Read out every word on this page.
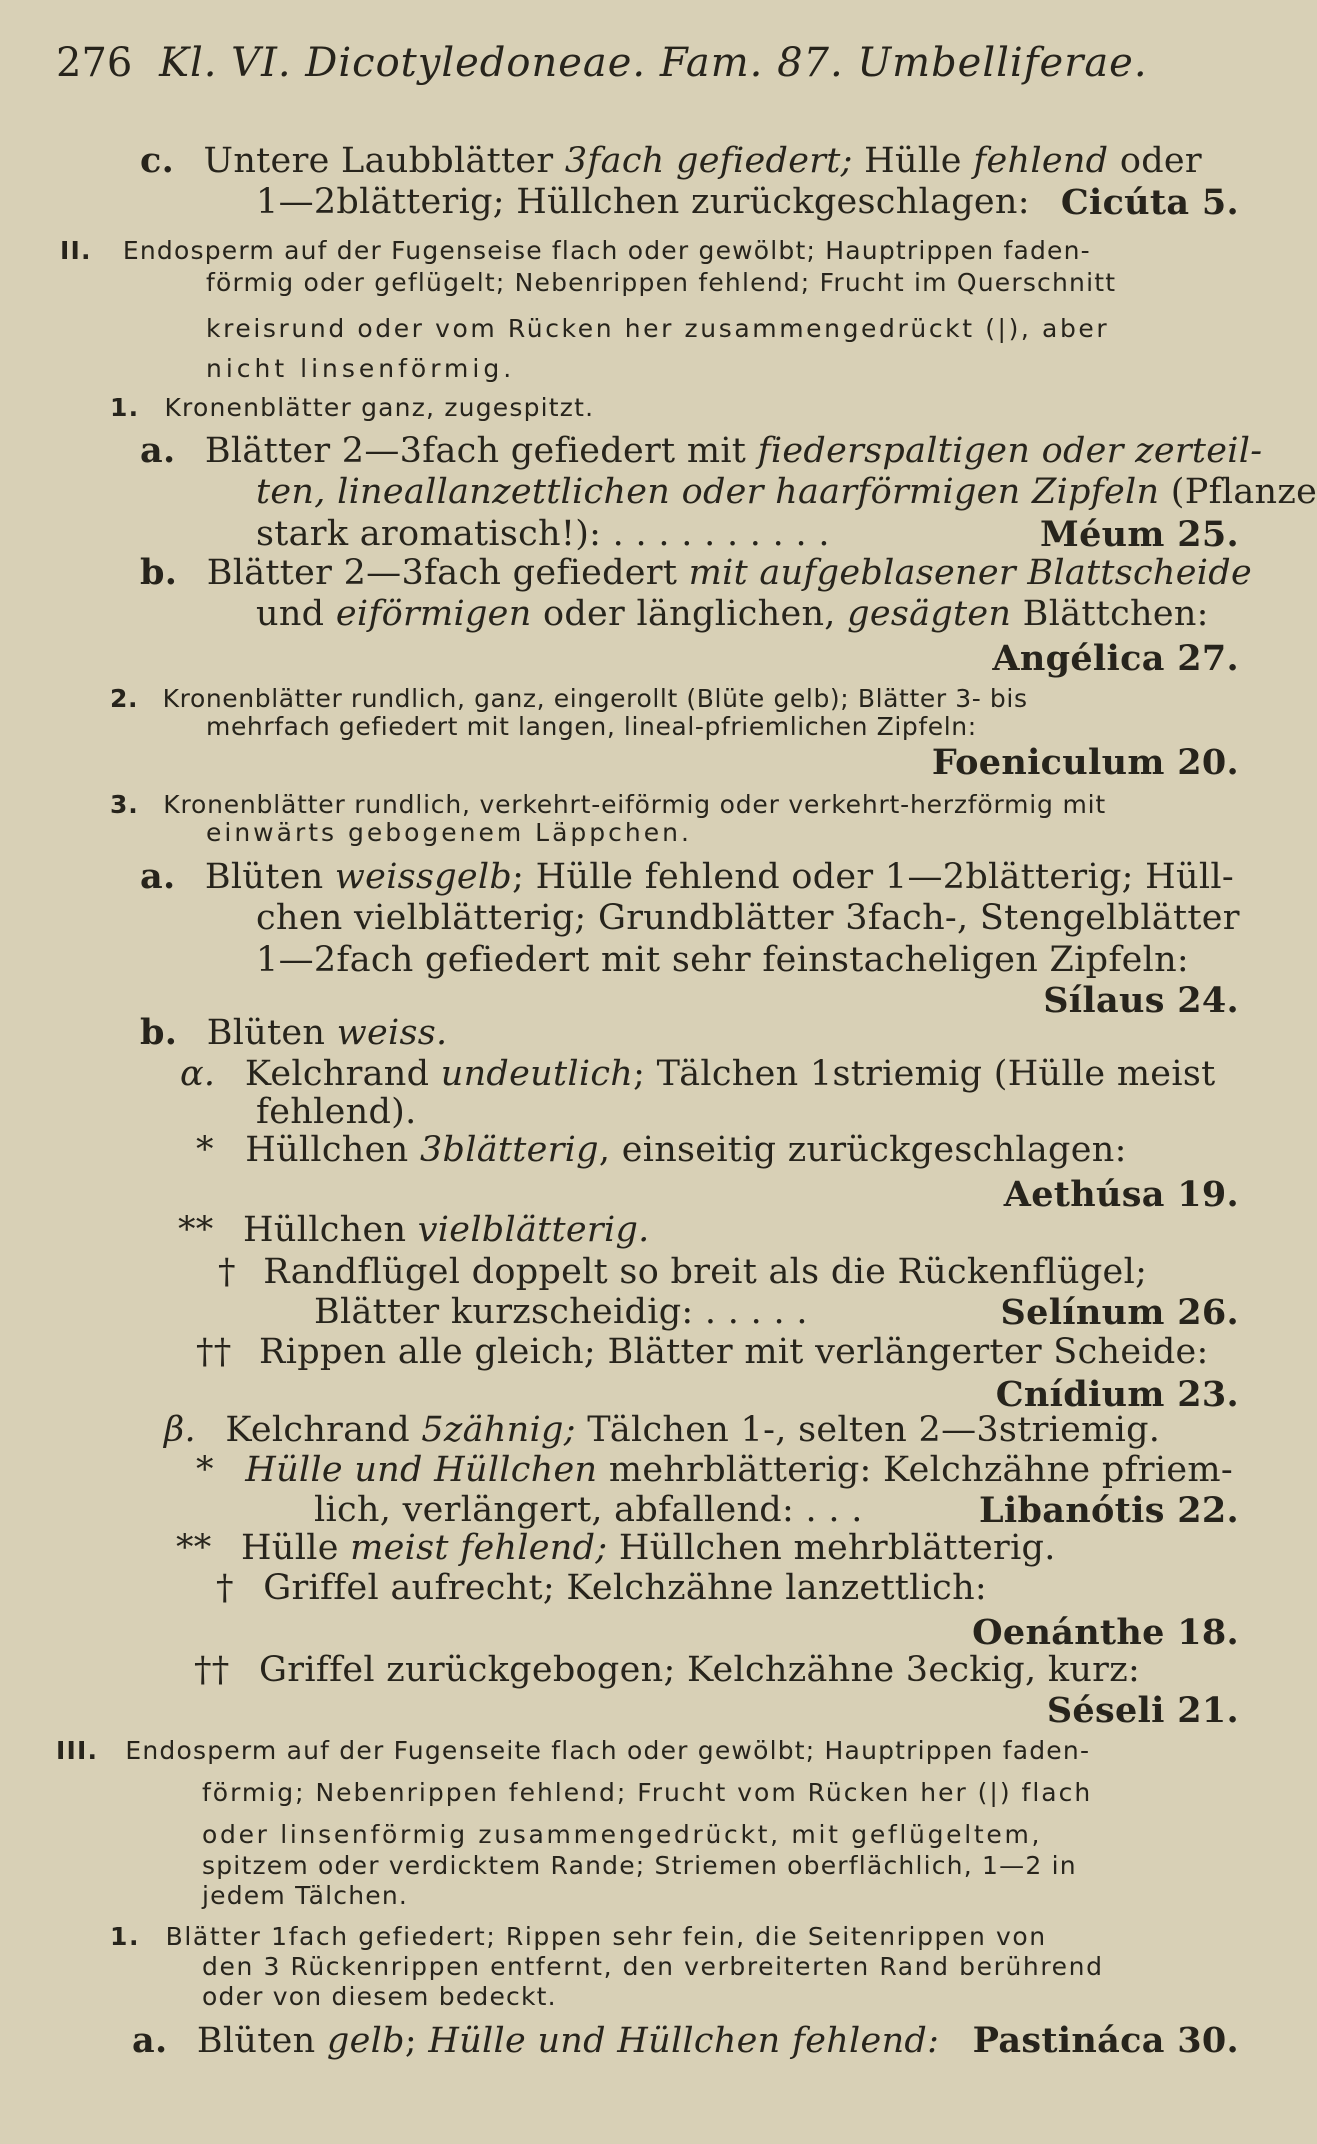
276 Kl. VI. Dicotyledoneae. Fam. 87. Umbelliferae.
c. Untere Laubblätter 3fach gefiedert; Hülle fehlend oder
1—2blätterig; Hüllchen zurückgeschlagen: Cicúta 5.
II. Endosperm auf der Fugenseise flach oder gewölbt; Hauptrippen faden-
förmig oder geflügelt; Nebenrippen fehlend; Frucht im Querschnitt
kreisrund oder vom Rücken her zusammengedrückt (|), aber
nicht linsenförmig.
1. Kronenblätter ganz, zugespitzt.
a. Blätter 2—3fach gefiedert mit fiederspaltigen oder zerteil-
ten, lineallanzettlichen oder haarförmigen Zipfeln (Pflanze
stark aromatisch!): . . . . . . . . . .	Méum 25.
b. Blätter 2—3fach gefiedert mit aufgeblasener Blattscheide
und eiförmigen oder länglichen, gesägten Blättchen:
Angélica 27.
2. Kronenblätter rundlich, ganz, eingerollt (Blüte gelb); Blätter 3- bis
mehrfach gefiedert mit langen, lineal-pfriemlichen Zipfeln:
Foeniculum 20.
3. Kronenblätter rundlich, verkehrt-eiförmig oder verkehrt-herzförmig mit
einwärts gebogenem Läppchen.
a. Blüten weissgelb; Hülle fehlend oder 1—2blätterig; Hüll-
chen vielblätterig; Grundblätter 3fach-, Stengelblätter
1—2fach gefiedert mit sehr feinstacheligen Zipfeln:
Sílaus 24.
b. Blüten weiss.
α. Kelchrand undeutlich; Tälchen 1striemig (Hülle meist
fehlend).
* Hüllchen 3blätterig, einseitig zurückgeschlagen:
Aethúsa 19.
** Hüllchen vielblätterig.
† Randflügel doppelt so breit als die Rückenflügel;
Blätter kurzscheidig: . . . . .	Selínum 26.
†† Rippen alle gleich; Blätter mit verlängerter Scheide:
Cnídium 23.
β. Kelchrand 5zähnig; Tälchen 1-, selten 2—3striemig.
* Hülle und Hüllchen mehrblätterig: Kelchzähne pfriem-
lich, verlängert, abfallend: . . .	Libanótis 22.
** Hülle meist fehlend; Hüllchen mehrblätterig.
† Griffel aufrecht; Kelchzähne lanzettlich:
Oenánthe 18.
†† Griffel zurückgebogen; Kelchzähne 3eckig, kurz:
Séseli 21.
III. Endosperm auf der Fugenseite flach oder gewölbt; Hauptrippen faden-
förmig; Nebenrippen fehlend; Frucht vom Rücken her (|) flach
oder linsenförmig zusammengedrückt, mit geflügeltem,
spitzem oder verdicktem Rande; Striemen oberflächlich, 1—2 in
jedem Tälchen.
1. Blätter 1fach gefiedert; Rippen sehr fein, die Seitenrippen von
den 3 Rückenrippen entfernt, den verbreiterten Rand berührend
oder von diesem bedeckt.
a. Blüten gelb; Hülle und Hüllchen fehlend: Pastináca 30.
